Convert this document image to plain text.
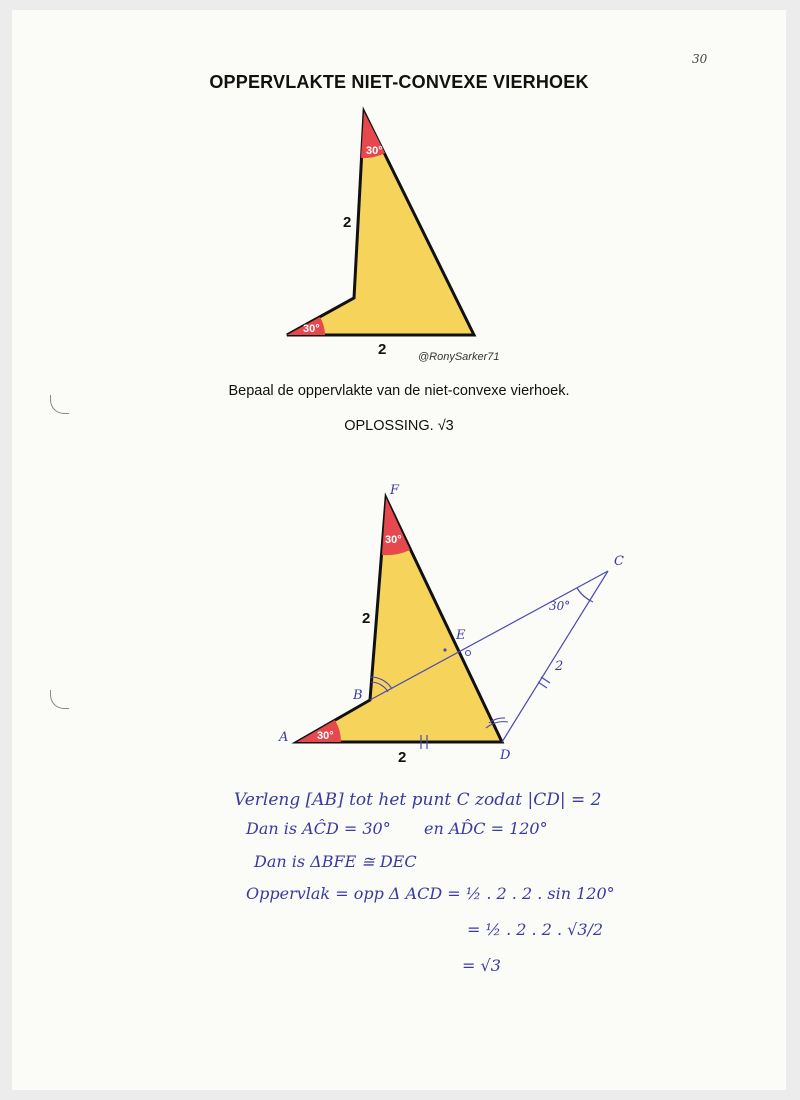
30
OPPERVLAKTE NIET-CONVEXE VIERHOEK
30°
30°
2
2	@RonySarker71
30°
30°
2
2
F
C
E
B
A
D
30°
2
Verleng [AB] tot het punt C zodat |CD| = 2
Dan is AĈD = 30° en AD̂C = 120°
Dan is ΔBFE ≅ DEC
Oppervlak = opp Δ ACD = ½ . 2 . 2 . sin 120°
= ½ . 2 . 2 . √3/2
= √3
Bepaal de oppervlakte van de niet-convexe vierhoek.
OPLOSSING. √3
